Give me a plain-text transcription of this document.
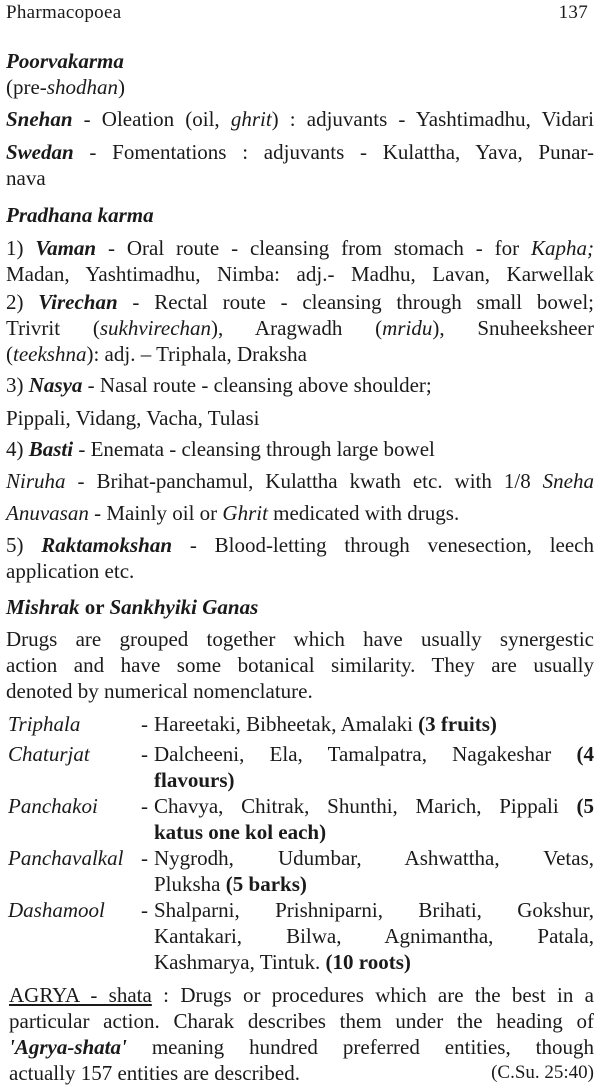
Pharmacopoea	137
Poorvakarma
(pre-shodhan)
Snehan - Oleation (oil, ghrit) : adjuvants - Yashtimadhu, Vidari
Swedan - Fomentations : adjuvants - Kulattha, Yava, Punar-
nava
Pradhana karma
1) Vaman - Oral route - cleansing from stomach - for Kapha;
Madan, Yashtimadhu, Nimba: adj.- Madhu, Lavan, Karwellak
2) Virechan - Rectal route - cleansing through small bowel;
Trivrit (sukhvirechan), Aragwadh (mridu), Snuheeksheer
(teekshna): adj. – Triphala, Draksha
3) Nasya - Nasal route - cleansing above shoulder;
Pippali, Vidang, Vacha, Tulasi
4) Basti - Enemata - cleansing through large bowel
Niruha - Brihat-panchamul, Kulattha kwath etc. with 1/8 Sneha
Anuvasan - Mainly oil or Ghrit medicated with drugs.
5) Raktamokshan - Blood-letting through venesection, leech
application etc.
Mishrak or Sankhyiki Ganas
Drugs are grouped together which have usually synergestic
action and have some botanical similarity. They are usually
denoted by numerical nomenclature.
Triphala	- Hareetaki, Bibheetak, Amalaki (3 fruits)
Chaturjat - Dalcheeni, Ela, Tamalpatra, Nagakeshar (4
flavours)
Panchakoi - Chavya, Chitrak, Shunthi, Marich, Pippali (5
katus one kol each)
Panchavalkal - Nygrodh, Udumbar, Ashwattha, Vetas,
Pluksha (5 barks)
Dashamool - Shalparni, Prishniparni, Brihati, Gokshur,
Kantakari, Bilwa, Agnimantha, Patala,
Kashmarya, Tintuk. (10 roots)
AGRYA - shata : Drugs or procedures which are the best in a
particular action. Charak describes them under the heading of
'Agrya-shata' meaning hundred preferred entities, though
actually 157 entities are described.	(C.Su. 25:40)
